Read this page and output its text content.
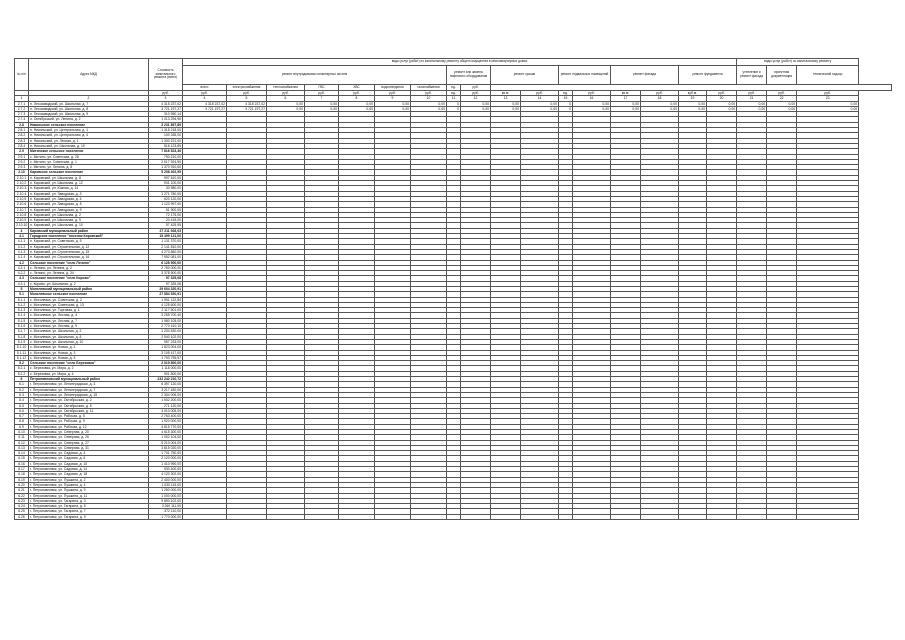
№ п/п	Адрес МКД	Стоимость капитального ремонта (всего)	виды услуг (работ) по капитальному ремонту общего имущества в многоквартирных домах																	виды услуг (работ) по капитальному ремонту		
			ремонт внутридомовых инженерных систем							ремонт или замена лифтового оборудования		ремонт крыши		ремонт подвальных помещений		ремонт фасада		ремонт фундамента		утепление и ремонт фасада	проектная документация	технический надзор
			всего	электроснабжения	теплоснабжения	ГВС	ХВС	водоотведения	газоснабжения	ед.	руб.											
		руб.	руб.	руб.	руб.	руб.	руб.	руб.	руб.	ед.	руб.	кв.м.	руб.	ед.	руб.	кв.м.	руб.	куб.м.	руб.	руб.	руб.	руб.
1	2	3	4	5	6	7	8	9	10	11	12	13	14	15	16	17	18	19	20	21	22	23
2.7.1	п. Лесозаводский, ул. Школьная, д. 7	4 315 237,02	4 315 237,02	4 315 237,02	0,00	0,00	0,00	0,00	0,00	0	0,00	0,00	0,00	0	0,00	0,00	0,00	0,00	0,00	0,00	0,00	0,00
2.7.2	п. Лесозаводский, ул. Школьная, д. 8	3 721 197,27	3 721 197,27	3 721 197,27	0,00	0,00	0,00	0,00	0,00	0	0,00	0,00	0,00	0	0,00	0,00	0,00	0,00	0,00	0,00	0,00	0,00
2.7.3	п. Лесозаводский, ул. Школьная, д. 9	310 950,14																				
2.7.4	п. Октябрьский, ул. Ленина, д. 2	1 013 294,96																				
2.8	Никольское сельское поселение	3 231 897,89																				
2.8.1	п. Никольский, ул. Центральная, д. 1	1 315 218,00																				
2.8.2	п. Никольский, ул. Центральная, д. 4	100 335,00																				
2.8.3	п. Никольский, ул. Лесная, д. 1	1 300 221,00																				
2.8.4	п. Никольский, ул. Школьная, д. 10	516 123,89																				
2.9	Митинское сельское поселение	7 816 523,36																				
2.9.1	с. Митино, ул. Советская, д. 26	790 210,00																				
2.9.2	с. Митино, ул. Советская, д. 1	2 017 924,50																				
2.9.3	с. Митино, ул. Ленина, д. 8	1 370 910,60																				
2.10	Кировское сельское поселение	5 208 402,95																				
2.10.1	п. Кировский, ул. Школьная, д. 8	997 510,00																				
2.10.2	п. Кировский, ул. Школьная, д. 12	931 100,00																				
2.10.3	п. Кировский, ул. Южная, д. 14	30 980,00																				
2.10.4	п. Кировский, ул. Заводская, д. 3	1 271 780,00																				
2.10.5	п. Кировский, ул. Заводская, д. 4	620 120,00																				
2.10.6	п. Кировский, ул. Заводская, д. 8	1 123 997,00																				
2.10.7	п. Кировский, ул. Заводская, д. 9	81 900,00																				
2.10.8	п. Кировский, ул. Школьная, д. 2	72 175,00																				
2.10.9	п. Кировский, ул. Школьная, д. 5	20 415,00																				
2.10.10	п. Кировский, ул. Школьная, д. 10	57 425,95																				
4	Кировский муниципальный район	27 211 926,03																				
4.1	Городское поселение "поселок Кировский"	15 499 121,00																				
4.1.1	п. Кировский, ул. Советская, д. 9	1 131 370,00																				
4.1.2	п. Кировский, ул. Строительная, д. 12	2 141 810,00																				
4.1.3	п. Кировский, ул. Строительная, д. 15	4 273 860,00																				
4.1.4	п. Кировский, ул. Строительная, д. 16	7 952 081,00																				
4.2	Сельское поселение "село Ленино"	6 128 900,00																				
4.2.1	с. Ленино, ул. Ленина, д. 2	2 750 000,00																				
4.2.2	с. Ленино, ул. Ленина, д. 34	3 378 900,00																				
4.3	Сельское поселение "село Кирово"	97 325,08																				
4.3.1	с. Кирово, ул. Школьная, д. 2	97 325,08																				
5	Могилевский муниципальный район	29 604 320,91																				
5.1	Могилевское сельское поселение	27 584 520,91																				
5.1.1	с. Могилевка, ул. Советская, д. 2	1 951 122,84																				
5.1.2	с. Могилевка, ул. Советская, д. 13	4 125 600,00																				
5.1.3	с. Могилевка, ул. Торговая, д. 1	2 117 501,00																				
5.1.4	с. Могилевка, ул. Лесная, д. 4	3 255 700,40																				
5.1.5	с. Могилевка, ул. Лесная, д. 7	1 980 105,00																				
5.1.6	с. Могилевка, ул. Лесная, д. 9	2 770 410,10																				
5.1.7	с. Могилевка, ул. Школьная, д. 2	1 204 530,00																				
5.1.8	с. Могилевка, ул. Школьная, д. 8	2 540 102,00																				
5.1.9	с. Могилевка, ул. Школьная, д. 10	957 233,00																				
5.1.10	с. Могилевка, ул. Новая, д. 1	1 823 004,00																				
5.1.11	с. Могилевка, ул. Новая, д. 3	3 105 417,00																				
5.1.12	с. Могилевка, ул. Новая, д. 5	1 753 795,57																				
5.2	Сельское поселение "село Березовка"	2 019 800,00																				
5.2.1	с. Березовка, ул. Мира, д. 2	1 118 000,00																				
5.2.2	с. Березовка, ул. Мира, д. 4	901 800,00																				
6	Петропавловский муниципальный район	232 242 210,72																				
6.1	г. Петропавловск, ул. Ленинградская, д. 3	6 397 120,00																				
6.2	г. Петропавловск, ул. Ленинградская, д. 7	3 217 450,00																				
6.3	г. Петропавловск, ул. Ленинградская, д. 15	2 304 005,00																				
6.4	г. Петропавловск, ул. Октябрьская, д. 2	1 502 200,00																				
6.5	г. Петропавловск, ул. Октябрьская, д. 5	271 120,00																				
6.6	г. Петропавловск, ул. Октябрьская, д. 11	3 010 005,00																				
6.7	г. Петропавловск, ул. Рабочая, д. 5	2 763 400,00																				
6.8	г. Петропавловск, ул. Рабочая, д. 9	1 920 000,00																				
6.9	г. Петропавловск, ул. Рабочая, д. 12	4 815 770,00																				
6.10	г. Петропавловск, ул. Северная, д. 20	4 615 300,00																				
6.11	г. Петропавловск, ул. Северная, д. 26	1 002 104,00																				
6.12	г. Петропавловск, ул. Северная, д. 27	5 210 004,00																				
6.13	г. Петропавловск, ул. Северная, д. 31	3 815 020,00																				
6.14	г. Петропавловск, ул. Садовая, д. 4	1 701 750,00																				
6.15	г. Петропавловск, ул. Садовая, д. 6	2 120 000,00																				
6.16	г. Петропавловск, ул. Садовая, д. 10	1 410 990,00																				
6.17	г. Петропавловск, ул. Садовая, д. 14	930 400,00																				
6.18	г. Петропавловск, ул. Садовая, д. 18	4 120 302,00																				
6.19	г. Петропавловск, ул. Пушкина, д. 2	2 400 000,00																				
6.20	г. Петропавловск, ул. Пушкина, д. 4	1 030 115,00																				
6.21	г. Петропавловск, ул. Пушкина, д. 9	1 250 000,00																				
6.22	г. Петропавловск, ул. Пушкина, д. 11	1 000 000,00																				
6.23	г. Петропавловск, ул. Гагарина, д. 3	9 890 102,00																				
6.24	г. Петропавловск, ул. Гагарина, д. 5	3 260 111,00																				
6.25	г. Петропавловск, ул. Гагарина, д. 7	372 110,00																				
6.26	г. Петропавловск, ул. Гагарина, д. 9	1 770 000,00																				
